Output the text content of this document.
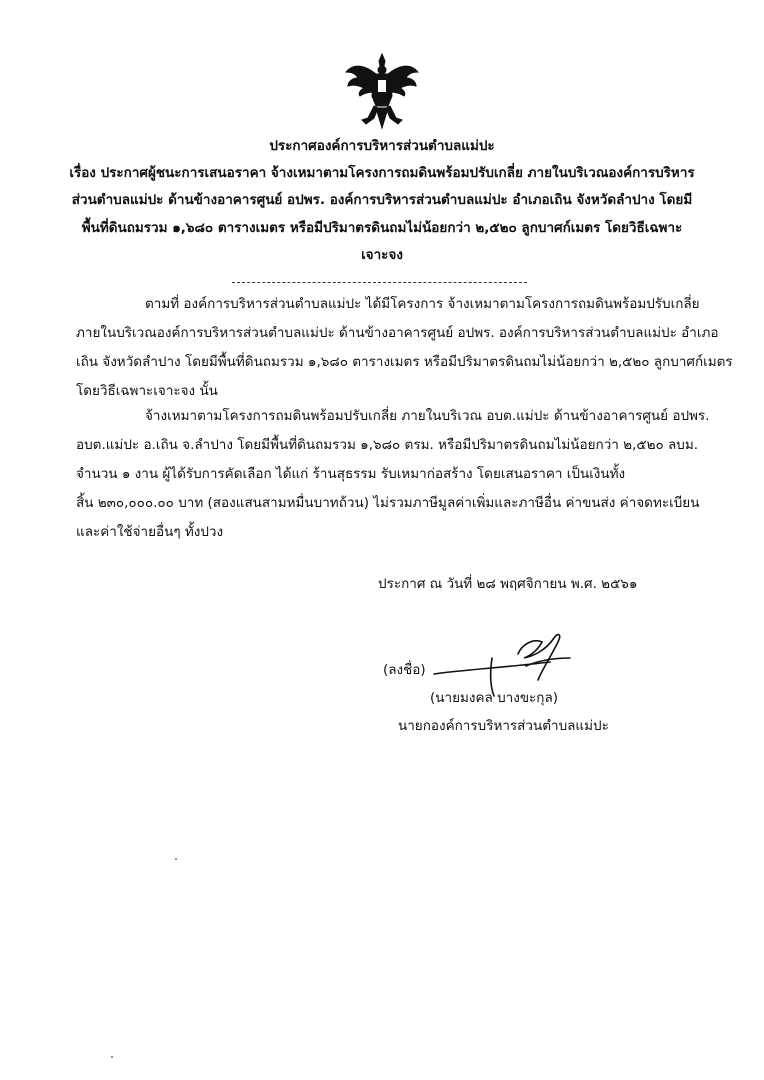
ประกาศองค์การบริหารส่วนตำบลแม่ปะ
เรื่อง ประกาศผู้ชนะการเสนอราคา จ้างเหมาตามโครงการถมดินพร้อมปรับเกลี่ย ภายในบริเวณองค์การบริหาร
ส่วนตำบลแม่ปะ ด้านข้างอาคารศูนย์ อปพร. องค์การบริหารส่วนตำบลแม่ปะ อำเภอเถิน จังหวัดลำปาง โดยมี
พื้นที่ดินถมรวม ๑,๖๘๐ ตารางเมตร หรือมีปริมาตรดินถมไม่น้อยกว่า ๒,๕๒๐ ลูกบาศก์เมตร โดยวิธีเฉพาะ
เจาะจง
ตามที่ องค์การบริหารส่วนตำบลแม่ปะ ได้มีโครงการ จ้างเหมาตามโครงการถมดินพร้อมปรับเกลี่ย
ภายในบริเวณองค์การบริหารส่วนตำบลแม่ปะ ด้านข้างอาคารศูนย์ อปพร. องค์การบริหารส่วนตำบลแม่ปะ อำเภอ
เถิน จังหวัดลำปาง โดยมีพื้นที่ดินถมรวม ๑,๖๘๐ ตารางเมตร หรือมีปริมาตรดินถมไม่น้อยกว่า ๒,๕๒๐ ลูกบาศก์เมตร
โดยวิธีเฉพาะเจาะจง นั้น
จ้างเหมาตามโครงการถมดินพร้อมปรับเกลี่ย ภายในบริเวณ อบต.แม่ปะ ด้านข้างอาคารศูนย์ อปพร.
อบต.แม่ปะ อ.เถิน จ.ลำปาง โดยมีพื้นที่ดินถมรวม ๑,๖๘๐ ตรม. หรือมีปริมาตรดินถมไม่น้อยกว่า ๒,๕๒๐ ลบม.
จำนวน ๑ งาน ผู้ได้รับการคัดเลือก ได้แก่ ร้านสุธรรม รับเหมาก่อสร้าง โดยเสนอราคา เป็นเงินทั้ง
สิ้น ๒๓๐,๐๐๐.๐๐ บาท (สองแสนสามหมื่นบาทถ้วน) ไม่รวมภาษีมูลค่าเพิ่มและภาษีอื่น ค่าขนส่ง ค่าจดทะเบียน
และค่าใช้จ่ายอื่นๆ ทั้งปวง
ประกาศ ณ วันที่ ๒๘ พฤศจิกายน พ.ศ. ๒๕๖๑
(ลงชื่อ)
(นายมงคล บางขะกุล)
นายกองค์การบริหารส่วนตำบลแม่ปะ
